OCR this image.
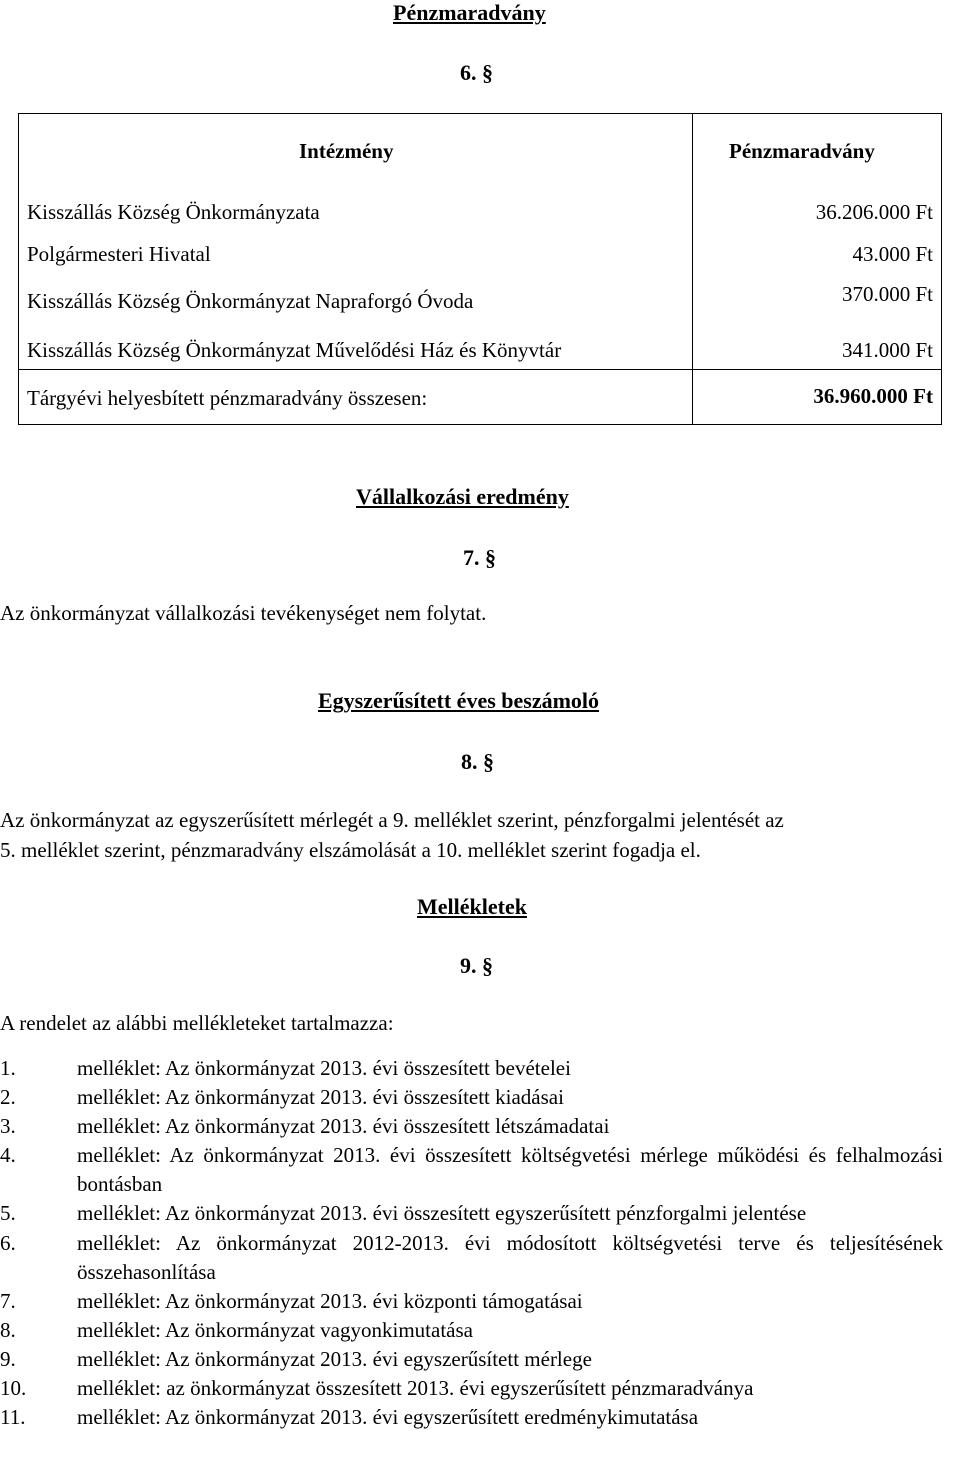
Pénzmaradvány
6. §
Intézmény	Pénzmaradvány
Kisszállás Község Önkormányzata	36.206.000 Ft
Polgármesteri Hivatal	43.000 Ft
Kisszállás Község Önkormányzat Napraforgó Óvoda	370.000 Ft
Kisszállás Község Önkormányzat Művelődési Ház és Könyvtár	341.000 Ft
Tárgyévi helyesbített pénzmaradvány összesen:	36.960.000 Ft
Vállalkozási eredmény
7. §
Az önkormányzat vállalkozási tevékenységet nem folytat.
Egyszerűsített éves beszámoló
8. §
Az önkormányzat az egyszerűsített mérlegét a 9. melléklet szerint, pénzforgalmi jelentését az
5. melléklet szerint, pénzmaradvány elszámolását a 10. melléklet szerint fogadja el.
Mellékletek
9. §
A rendelet az alábbi mellékleteket tartalmazza:
1.	melléklet: Az önkormányzat 2013. évi összesített bevételei
2.	melléklet: Az önkormányzat 2013. évi összesített kiadásai
3.	melléklet: Az önkormányzat 2013. évi összesített létszámadatai
4.	melléklet: Az önkormányzat 2013. évi összesített költségvetési mérlege működési és felhalmozási bontásban
5.	melléklet: Az önkormányzat 2013. évi összesített egyszerűsített pénzforgalmi jelentése
6.	melléklet: Az önkormányzat 2012-2013. évi módosított költségvetési terve és teljesítésének összehasonlítása
7.	melléklet: Az önkormányzat 2013. évi központi támogatásai
8.	melléklet: Az önkormányzat vagyonkimutatása
9.	melléklet: Az önkormányzat 2013. évi egyszerűsített mérlege
10.	melléklet: az önkormányzat összesített 2013. évi egyszerűsített pénzmaradványa
11.	melléklet: Az önkormányzat 2013. évi egyszerűsített eredménykimutatása
